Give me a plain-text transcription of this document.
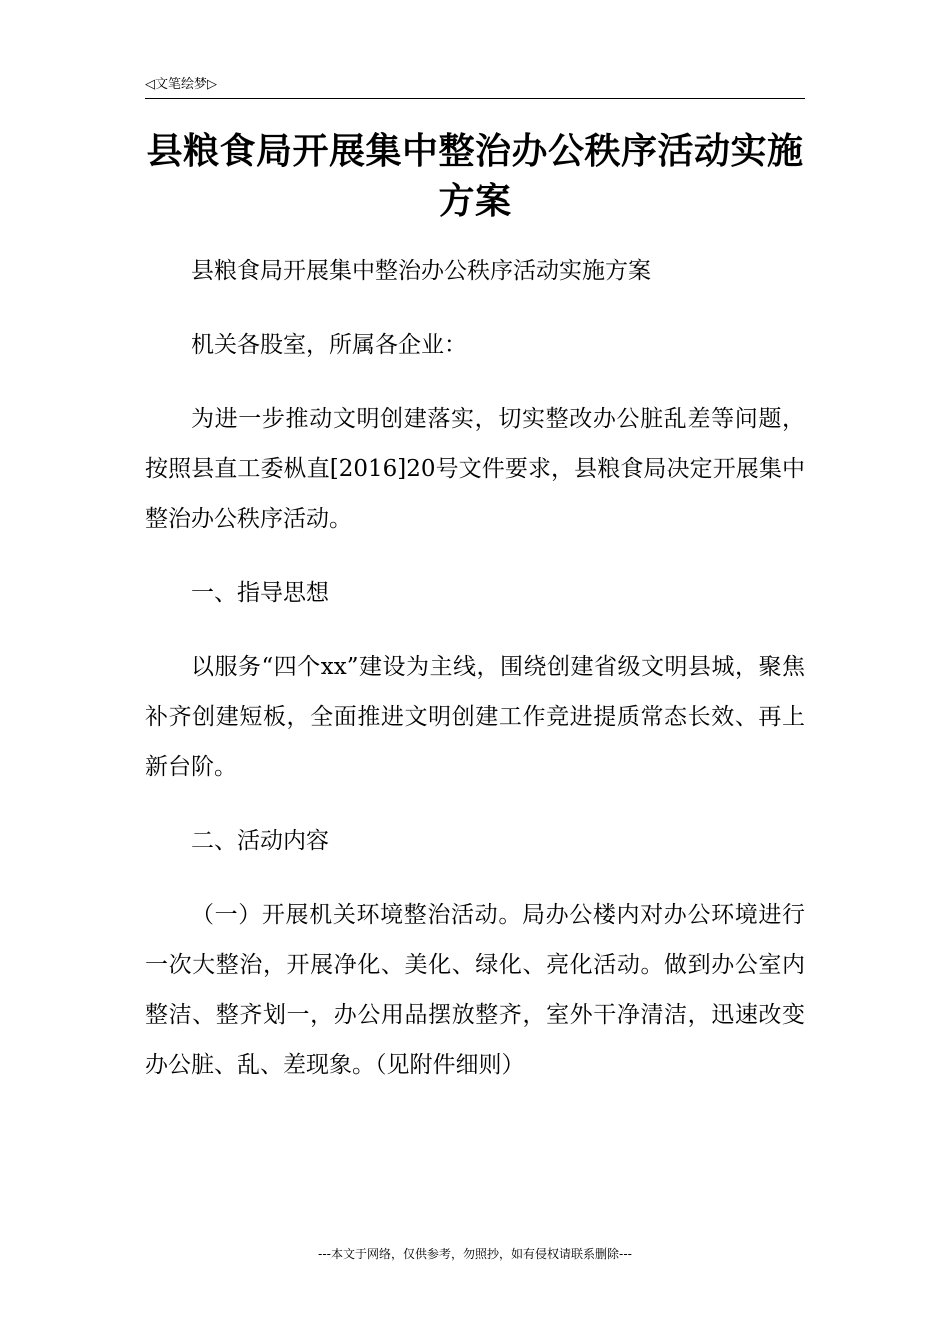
◁文笔绘梦▷
县粮食局开展集中整治办公秩序活动实施方案

县粮食局开展集中整治办公秩序活动实施方案

机关各股室，所属各企业：

为进一步推动文明创建落实，切实整改办公脏乱差等问题，按照县直工委枞直[2016]20号文件要求，县粮食局决定开展集中整治办公秩序活动。

一、指导思想

以服务“四个xx”建设为主线，围绕创建省级文明县城，聚焦补齐创建短板，全面推进文明创建工作竞进提质常态长效、再上新台阶。

二、活动内容

（一）开展机关环境整治活动。局办公楼内对办公环境进行一次大整治，开展净化、美化、绿化、亮化活动。做到办公室内整洁、整齐划一，办公用品摆放整齐，室外干净清洁，迅速改变办公脏、乱、差现象。（见附件细则）

---本文于网络，仅供参考，勿照抄，如有侵权请联系删除---
